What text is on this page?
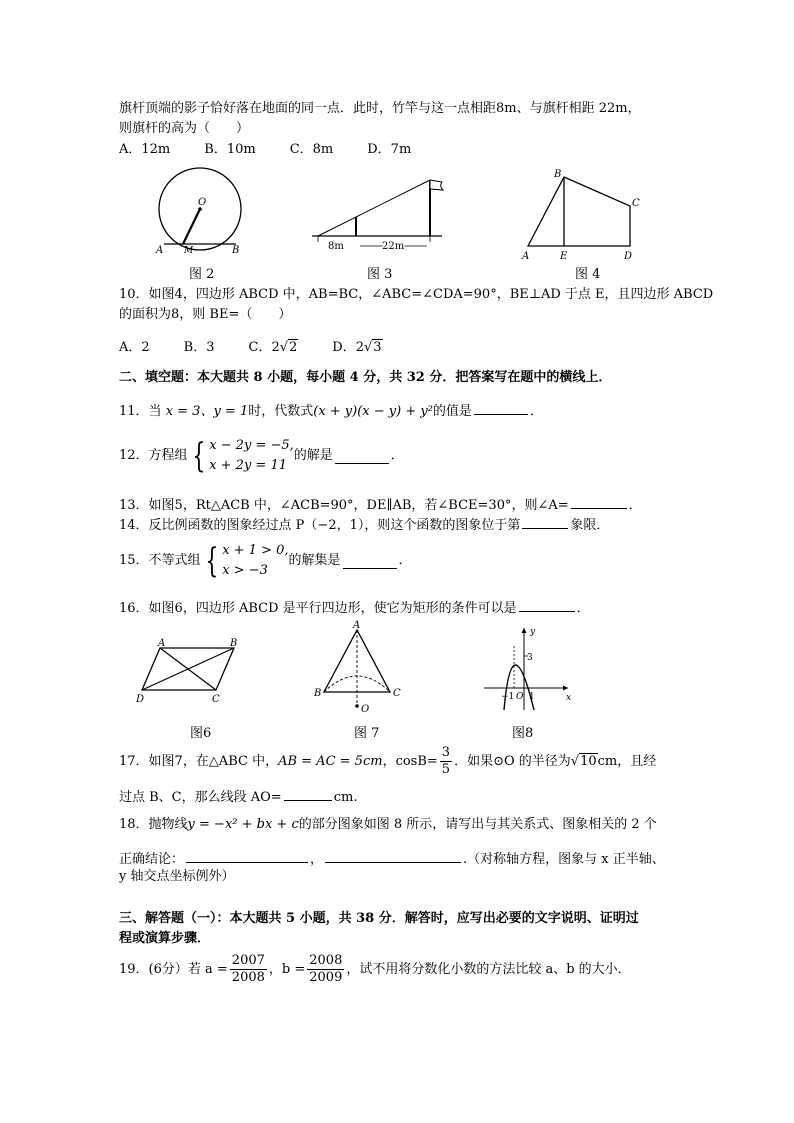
旗杆顶端的影子恰好落在地面的同一点．此时，竹竿与这一点相距8m、与旗杆相距 22m，
则旗杆的高为（　　）
A．12m	B．10m	C．8m	D．7m
O
A M	B
图 2
8m	22m
图 3
B
C
A	E	D
图 4
10．如图4，四边形 ABCD 中，AB=BC，∠ABC=∠CDA=90°，BE⊥AD 于点 E，且四边形 ABCD
的面积为8，则 BE=（　　）
A．2	B．3	C．2√2	D．2√3
二、填空题：本大题共 8 小题，每小题 4 分，共 32 分．把答案写在题中的横线上．
11．当 x = 3、y = 1时，代数式(x + y)(x − y) + y²的值是	．
12．方程组 { x − 2y = −5,
x + 2y = 11的解是	．
13．如图5，Rt△ACB 中，∠ACB=90°，DE∥AB，若∠BCE=30°，则∠A=	．
14．反比例函数的图象经过点 P（−2，1），则这个函数的图象位于第	象限．
15．不等式组 { x + 1 > 0,
x > −3的解集是	．
16．如图6，四边形 ABCD 是平行四边形，使它为矩形的条件可以是	．
A	B
C
D
图6
A
B	C
O
图 7
y
x
3
−1 O 1
图8
17．如图7，在△ABC 中，AB = AC = 5cm，$\cos B= \frac{3}{5}$ ．如果⊙O 的半径为√10cm，且经
过点 B、C，那么线段 AO=	cm.
18．抛物线y = −x² + bx + c的部分图象如图 8 所示，请写出与其关系式、图象相关的 2 个
正确结论：	，	.（对称轴方程，图象与 x 正半轴、
y 轴交点坐标例外）
三、解答题（一）：本大题共 5 小题，共 38 分．解答时，应写出必要的文字说明、证明过
程或演算步骤．
19．(6分）若 $a = \frac{2007}{2008}$ ，$b = \frac{2008}{2009}$ ，试不用将分数化小数的方法比较 a、b 的大小．
